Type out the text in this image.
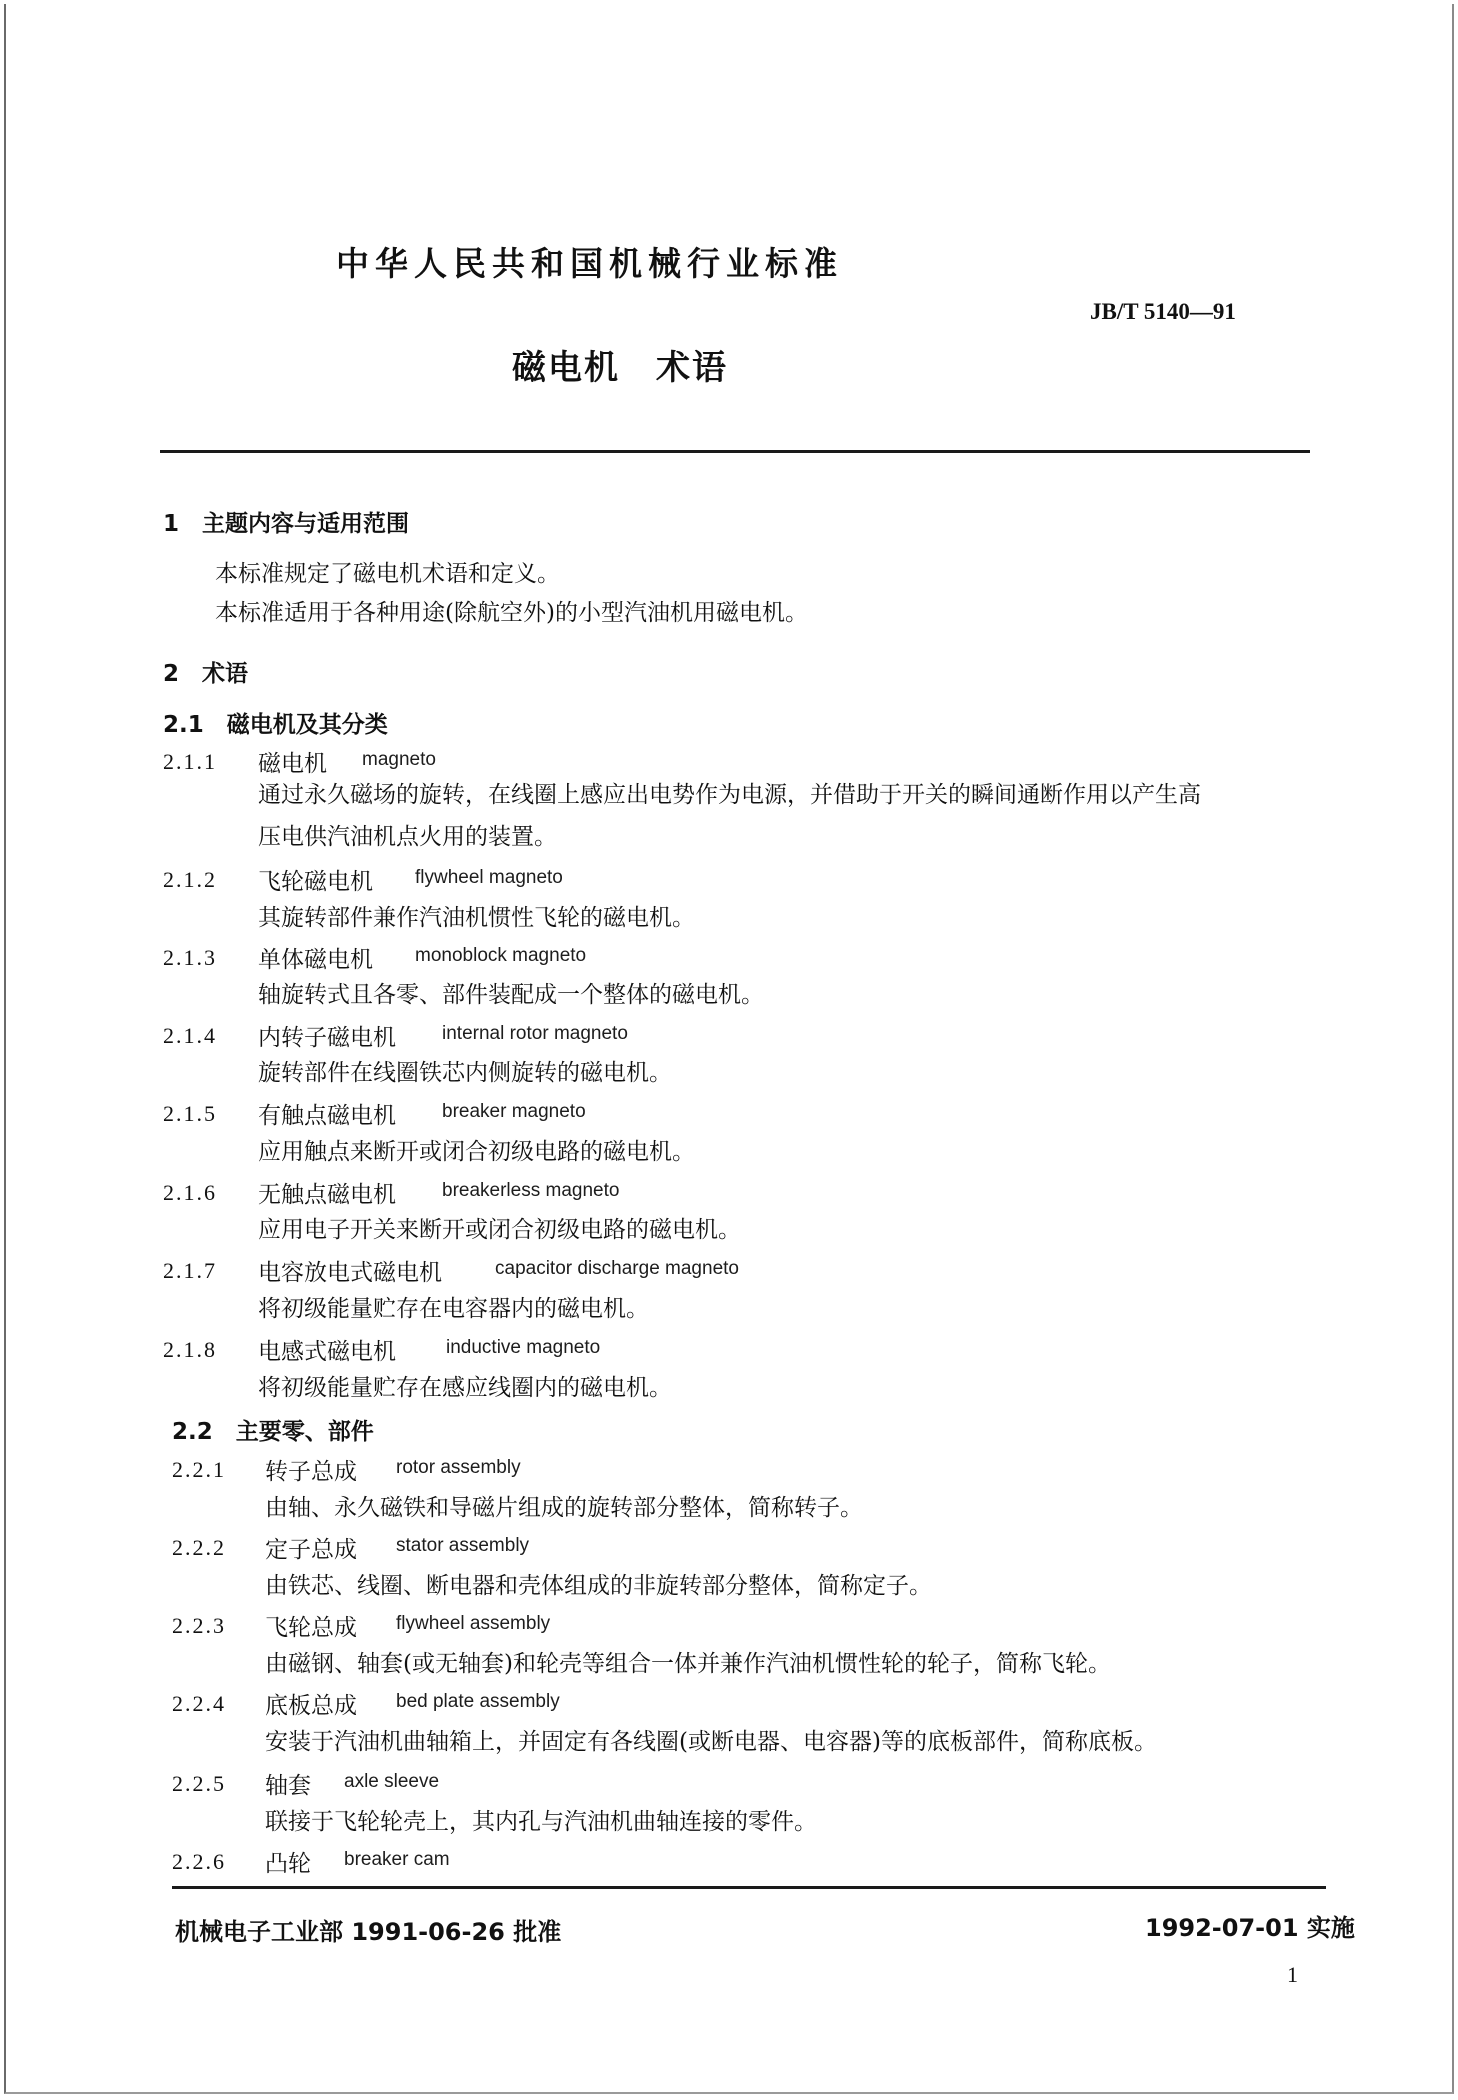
中华人民共和国机械行业标准
JB/T 5140—91
磁电机　术语
1　主题内容与适用范围
本标准规定了磁电机术语和定义。
本标准适用于各种用途(除航空外)的小型汽油机用磁电机。
2　术语
2.1　磁电机及其分类
2.1.1 磁电机 magneto
通过永久磁场的旋转，在线圈上感应出电势作为电源，并借助于开关的瞬间通断作用以产生高
压电供汽油机点火用的装置。
2.1.2 飞轮磁电机 flywheel magneto
其旋转部件兼作汽油机惯性飞轮的磁电机。
2.1.3 单体磁电机 monoblock magneto
轴旋转式且各零、部件装配成一个整体的磁电机。
2.1.4 内转子磁电机 internal rotor magneto
旋转部件在线圈铁芯内侧旋转的磁电机。
2.1.5 有触点磁电机 breaker magneto
应用触点来断开或闭合初级电路的磁电机。
2.1.6 无触点磁电机 breakerless magneto
应用电子开关来断开或闭合初级电路的磁电机。
2.1.7 电容放电式磁电机	capacitor discharge magneto
将初级能量贮存在电容器内的磁电机。
2.1.8 电感式磁电机	inductive magneto
将初级能量贮存在感应线圈内的磁电机。
2.2　主要零、部件
2.2.1 转子总成 rotor assembly
由轴、永久磁铁和导磁片组成的旋转部分整体，简称转子。
2.2.2 定子总成 stator assembly
由铁芯、线圈、断电器和壳体组成的非旋转部分整体，简称定子。
2.2.3 飞轮总成 flywheel assembly
由磁钢、轴套(或无轴套)和轮壳等组合一体并兼作汽油机惯性轮的轮子，简称飞轮。
2.2.4 底板总成 bed plate assembly
安装于汽油机曲轴箱上，并固定有各线圈(或断电器、电容器)等的底板部件，简称底板。
2.2.5 轴套 axle sleeve
联接于飞轮轮壳上，其内孔与汽油机曲轴连接的零件。
2.2.6 凸轮 breaker cam
机械电子工业部 1991-06-26 批准	1992-07-01 实施
1
